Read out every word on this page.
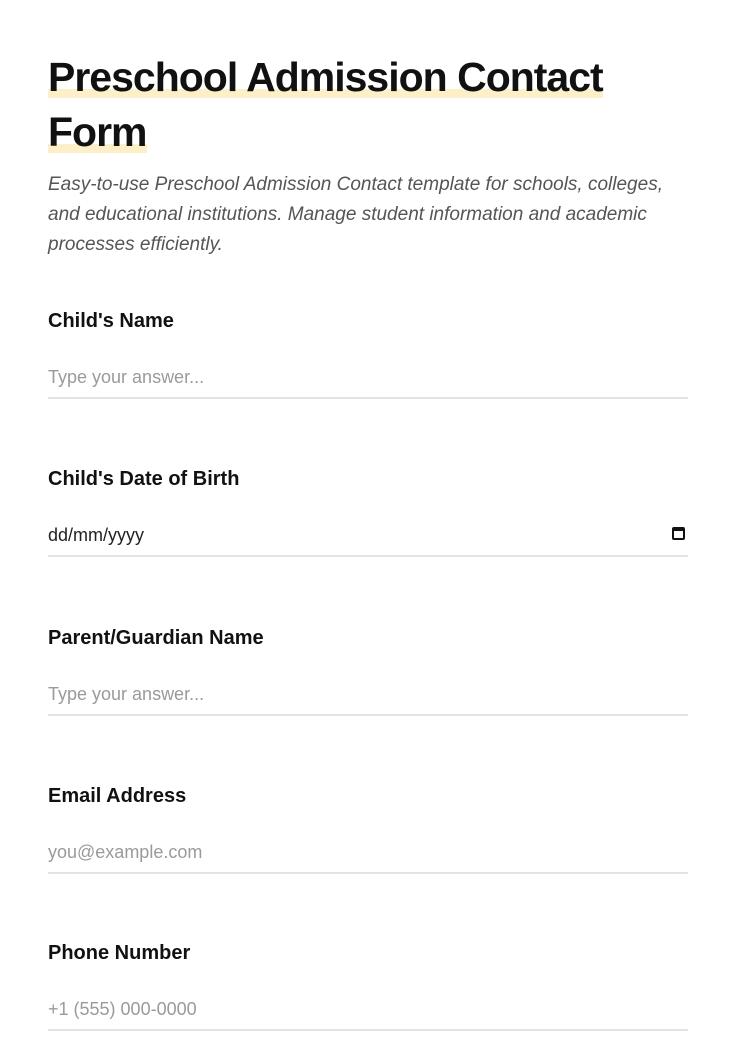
Preschool Admission Contact Form

Easy-to-use Preschool Admission Contact template for schools, colleges, and educational institutions. Manage student information and academic processes efficiently.

Child's Name
Type your answer...
Child's Date of Birth
dd/mm/yyyy
Parent/Guardian Name
Type your answer...
Email Address
you@example.com
Phone Number
+1 (555) 000-0000
